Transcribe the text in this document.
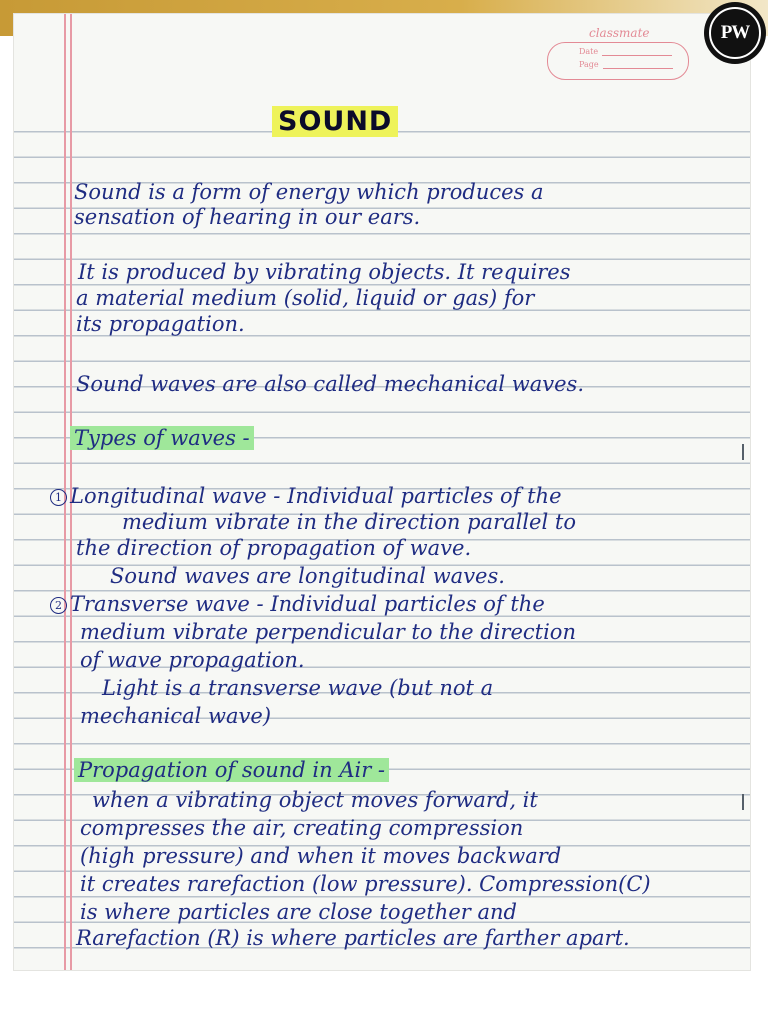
PW
classmate
Date
Page
SOUND

Sound is a form of energy which produces a

sensation of hearing in our ears.

It is produced by vibrating objects. It requires

a material medium (solid, liquid or gas) for

its propagation.

Sound waves are also called mechanical waves.

Types of waves -

1 Longitudinal wave - Individual particles of the

medium vibrate in the direction parallel to

the direction of propagation of wave.

Sound waves are longitudinal waves.

2 Transverse wave - Individual particles of the

medium vibrate perpendicular to the direction

of wave propagation.

Light is a transverse wave (but not a

mechanical wave)

Propagation of sound in Air -

when a vibrating object moves forward, it

compresses the air, creating compression

(high pressure) and when it moves backward

it creates rarefaction (low pressure). Compression(C)

is where particles are close together and

Rarefaction (R) is where particles are farther apart.
